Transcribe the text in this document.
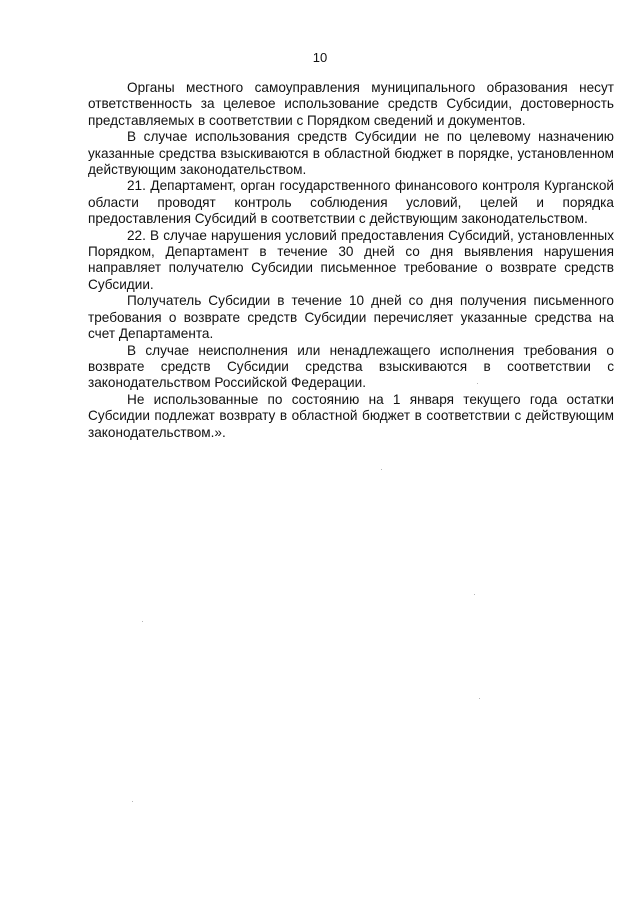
10

Органы местного самоуправления муниципального образования несут ответственность за целевое использование средств Субсидии, достоверность представляемых в соответствии с Порядком сведений и документов.

В случае использования средств Субсидии не по целевому назначению указанные средства взыскиваются в областной бюджет в порядке, установленном действующим законодательством.

21. Департамент, орган государственного финансового контроля Курганской области проводят контроль соблюдения условий, целей и порядка предоставления Субсидий в соответствии с действующим законодательством.

22. В случае нарушения условий предоставления Субсидий, установленных Порядком, Департамент в течение 30 дней со дня выявления нарушения направляет получателю Субсидии письменное требование о возврате средств Субсидии.

Получатель Субсидии в течение 10 дней со дня получения письменного требования о возврате средств Субсидии перечисляет указанные средства на счет Департамента.

В случае неисполнения или ненадлежащего исполнения требования о возврате средств Субсидии средства взыскиваются в соответствии с законодательством Российской Федерации.

Не использованные по состоянию на 1 января текущего года остатки Субсидии подлежат возврату в областной бюджет в соответствии с действующим законодательством.».
